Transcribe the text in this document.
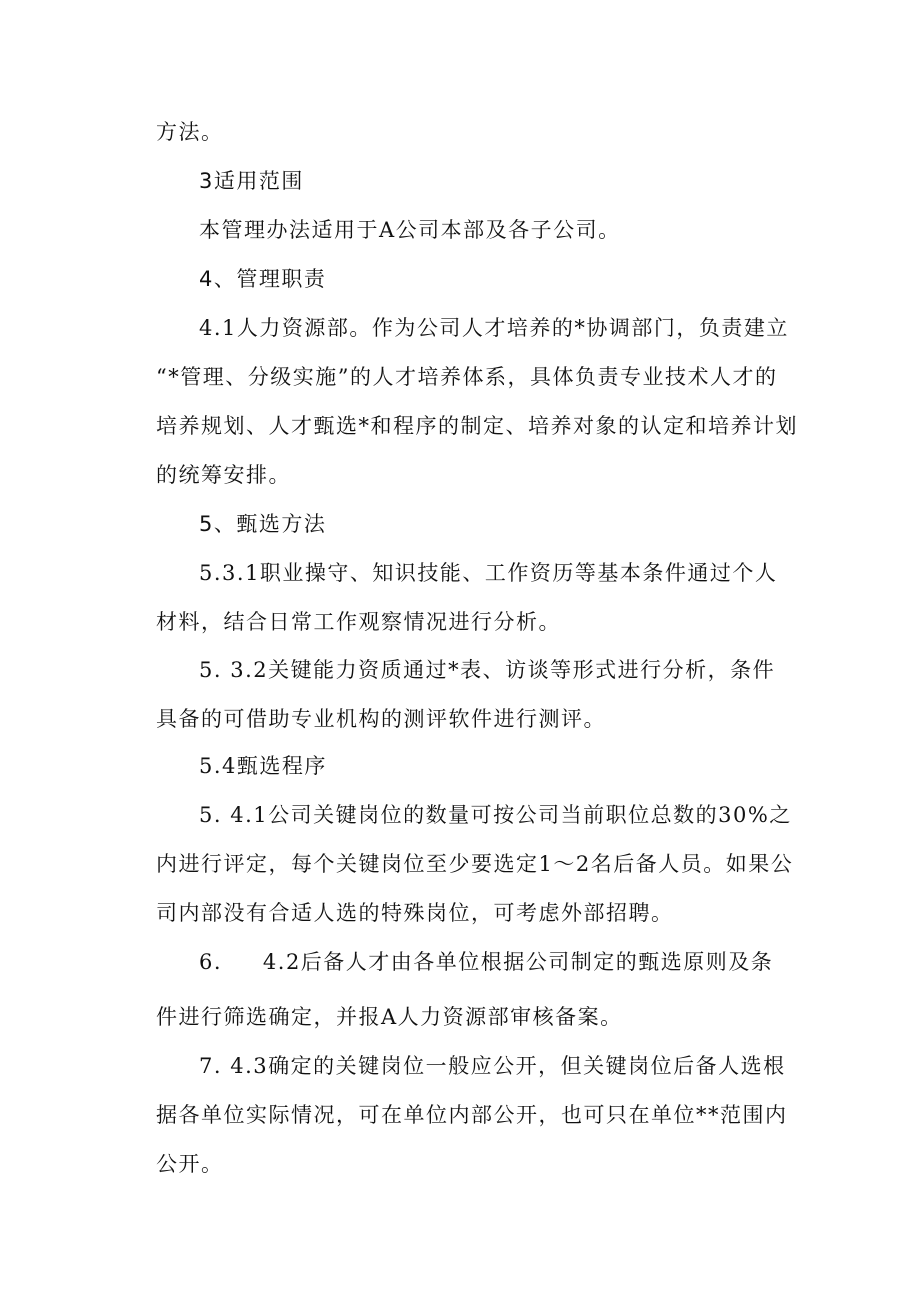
方法。

3适用范围

本管理办法适用于A公司本部及各子公司。

4、管理职责

4.1人力资源部。作为公司人才培养的*协调部门，负责建立

“*管理、分级实施”的人才培养体系，具体负责专业技术人才的

培养规划、人才甄选*和程序的制定、培养对象的认定和培养计划

的统筹安排。

5、甄选方法

5.3.1职业操守、知识技能、工作资历等基本条件通过个人

材料，结合日常工作观察情况进行分析。

5. 3.2关键能力资质通过*表、访谈等形式进行分析，条件

具备的可借助专业机构的测评软件进行测评。

5.4甄选程序

5. 4.1公司关键岗位的数量可按公司当前职位总数的30%之

内进行评定，每个关键岗位至少要选定1～2名后备人员。如果公

司内部没有合适人选的特殊岗位，可考虑外部招聘。

6.     4.2后备人才由各单位根据公司制定的甄选原则及条

件进行筛选确定，并报A人力资源部审核备案。

7. 4.3确定的关键岗位一般应公开，但关键岗位后备人选根

据各单位实际情况，可在单位内部公开，也可只在单位**范围内

公开。
